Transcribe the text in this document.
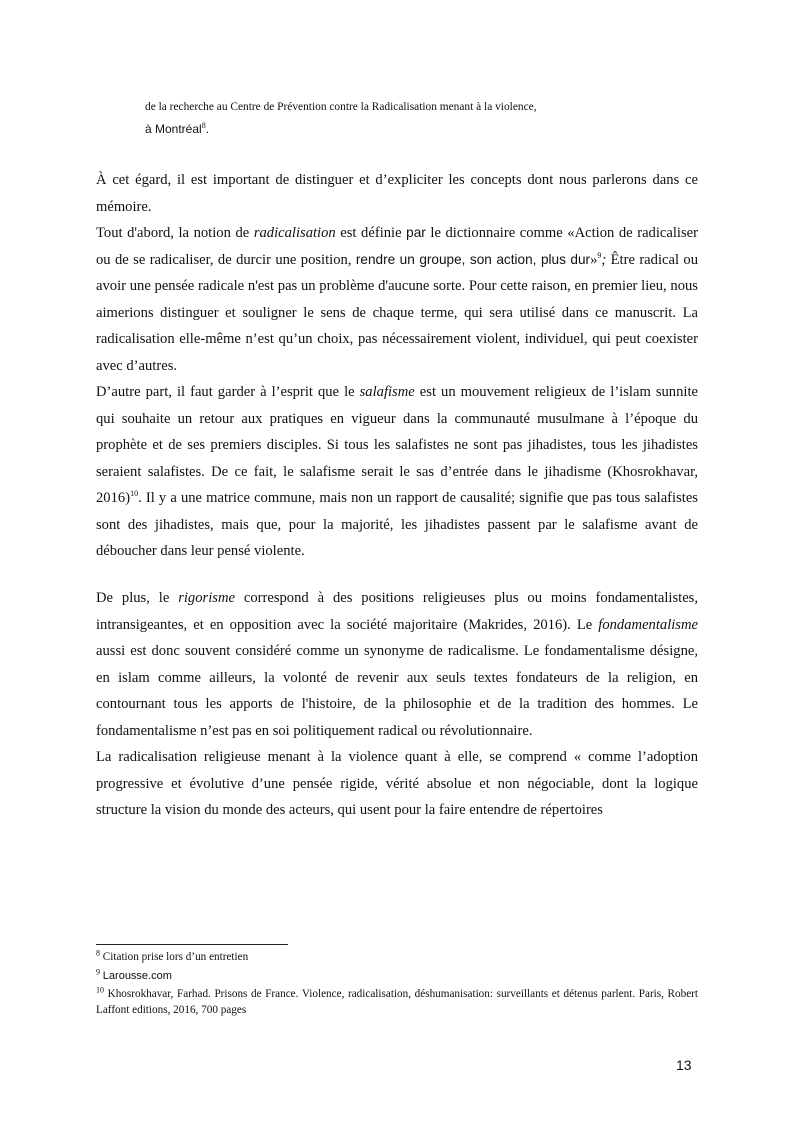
de la recherche au Centre de Prévention contre la Radicalisation menant à la violence,
à Montréal$^8$.

À cet égard, il est important de distinguer et d’expliciter les concepts dont nous parlerons dans ce mémoire.

Tout d'abord, la notion de radicalisation est définie par le dictionnaire comme «Action de radicaliser ou de se radicaliser, de durcir une position, rendre un groupe, son action, plus dur»$^9$; Être radical ou avoir une pensée radicale n'est pas un problème d'aucune sorte. Pour cette raison, en premier lieu, nous aimerions distinguer et souligner le sens de chaque terme, qui sera utilisé dans ce manuscrit. La radicalisation elle-même n’est qu’un choix, pas nécessairement violent, individuel, qui peut coexister avec d’autres.

D’autre part, il faut garder à l’esprit que le salafisme est un mouvement religieux de l’islam sunnite qui souhaite un retour aux pratiques en vigueur dans la communauté musulmane à l’époque du prophète et de ses premiers disciples. Si tous les salafistes ne sont pas jihadistes, tous les jihadistes seraient salafistes. De ce fait, le salafisme serait le sas d’entrée dans le jihadisme (Khosrokhavar, 2016)$^{10}$. Il y a une matrice commune, mais non un rapport de causalité; signifie que pas tous salafistes sont des jihadistes, mais que, pour la majorité, les jihadistes passent par le salafisme avant de déboucher dans leur pensé violente.

De plus, le rigorisme correspond à des positions religieuses plus ou moins fondamentalistes, intransigeantes, et en opposition avec la société majoritaire (Makrides, 2016). Le fondamentalisme aussi est donc souvent considéré comme un synonyme de radicalisme. Le fondamentalisme désigne, en islam comme ailleurs, la volonté de revenir aux seuls textes fondateurs de la religion, en contournant tous les apports de l'histoire, de la philosophie et de la tradition des hommes. Le fondamentalisme n’est pas en soi politiquement radical ou révolutionnaire.

La radicalisation religieuse menant à la violence quant à elle, se comprend « comme l’adoption progressive et évolutive d’une pensée rigide, vérité absolue et non négociable, dont la logique structure la vision du monde des acteurs, qui usent pour la faire entendre de répertoires

$^8$ Citation prise lors d’un entretien
$^9$ Larousse.com
$^{10}$ Khosrokhavar, Farhad. Prisons de France. Violence, radicalisation, déshumanisation: surveillants et détenus parlent. Paris, Robert Laffont editions, 2016, 700 pages
13
